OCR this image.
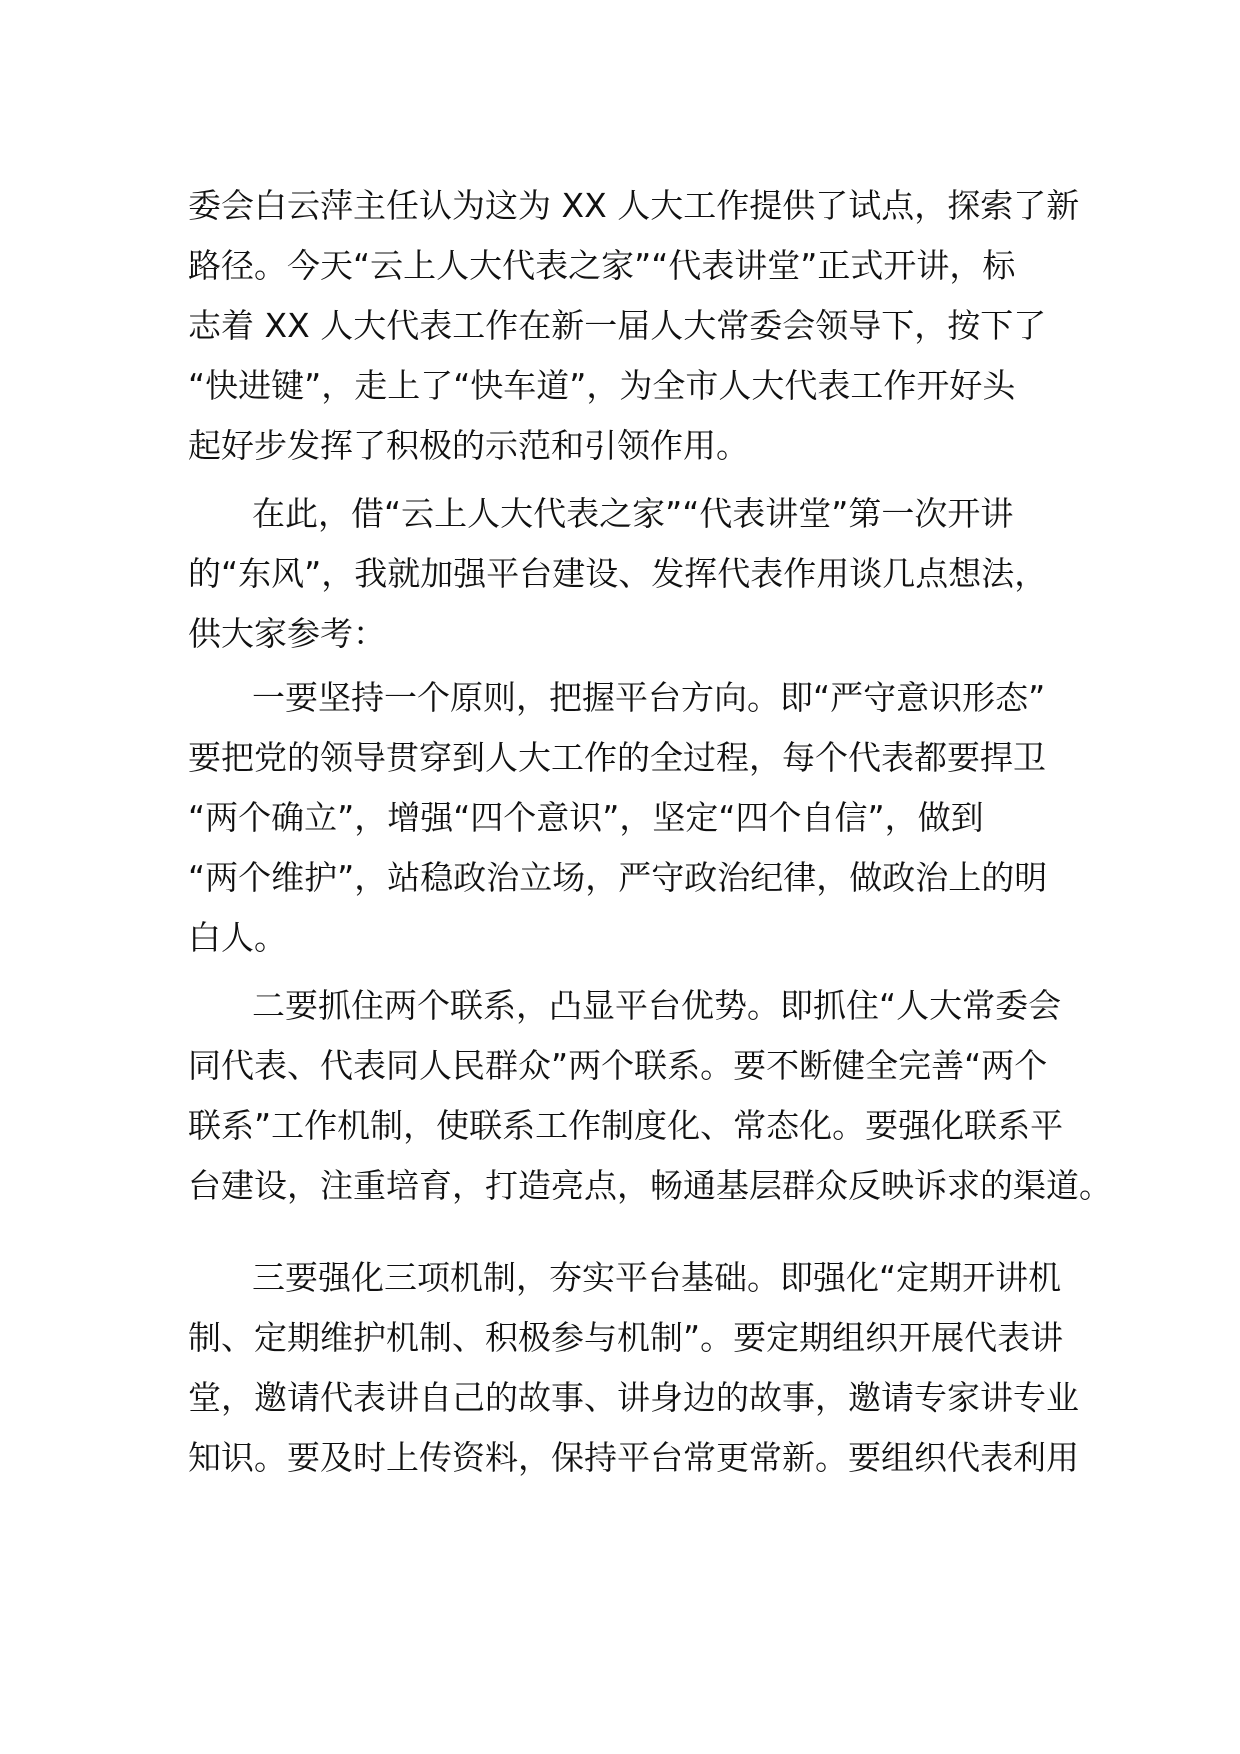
委会白云萍主任认为这为 XX 人大工作提供了试点，探索了新
路径。今天“云上人大代表之家”“代表讲堂”正式开讲，标
志着 XX 人大代表工作在新一届人大常委会领导下，按下了
“快进键”，走上了“快车道”，为全市人大代表工作开好头
起好步发挥了积极的示范和引领作用。
在此，借“云上人大代表之家”“代表讲堂”第一次开讲
的“东风”，我就加强平台建设、发挥代表作用谈几点想法，
供大家参考：
一要坚持一个原则，把握平台方向。即“严守意识形态”
要把党的领导贯穿到人大工作的全过程，每个代表都要捍卫
“两个确立”，增强“四个意识”，坚定“四个自信”，做到
“两个维护”，站稳政治立场，严守政治纪律，做政治上的明
白人。
二要抓住两个联系，凸显平台优势。即抓住“人大常委会
同代表、代表同人民群众”两个联系。要不断健全完善“两个
联系”工作机制，使联系工作制度化、常态化。要强化联系平
台建设，注重培育，打造亮点，畅通基层群众反映诉求的渠道。
三要强化三项机制，夯实平台基础。即强化“定期开讲机
制、定期维护机制、积极参与机制”。要定期组织开展代表讲
堂，邀请代表讲自己的故事、讲身边的故事，邀请专家讲专业
知识。要及时上传资料，保持平台常更常新。要组织代表利用
